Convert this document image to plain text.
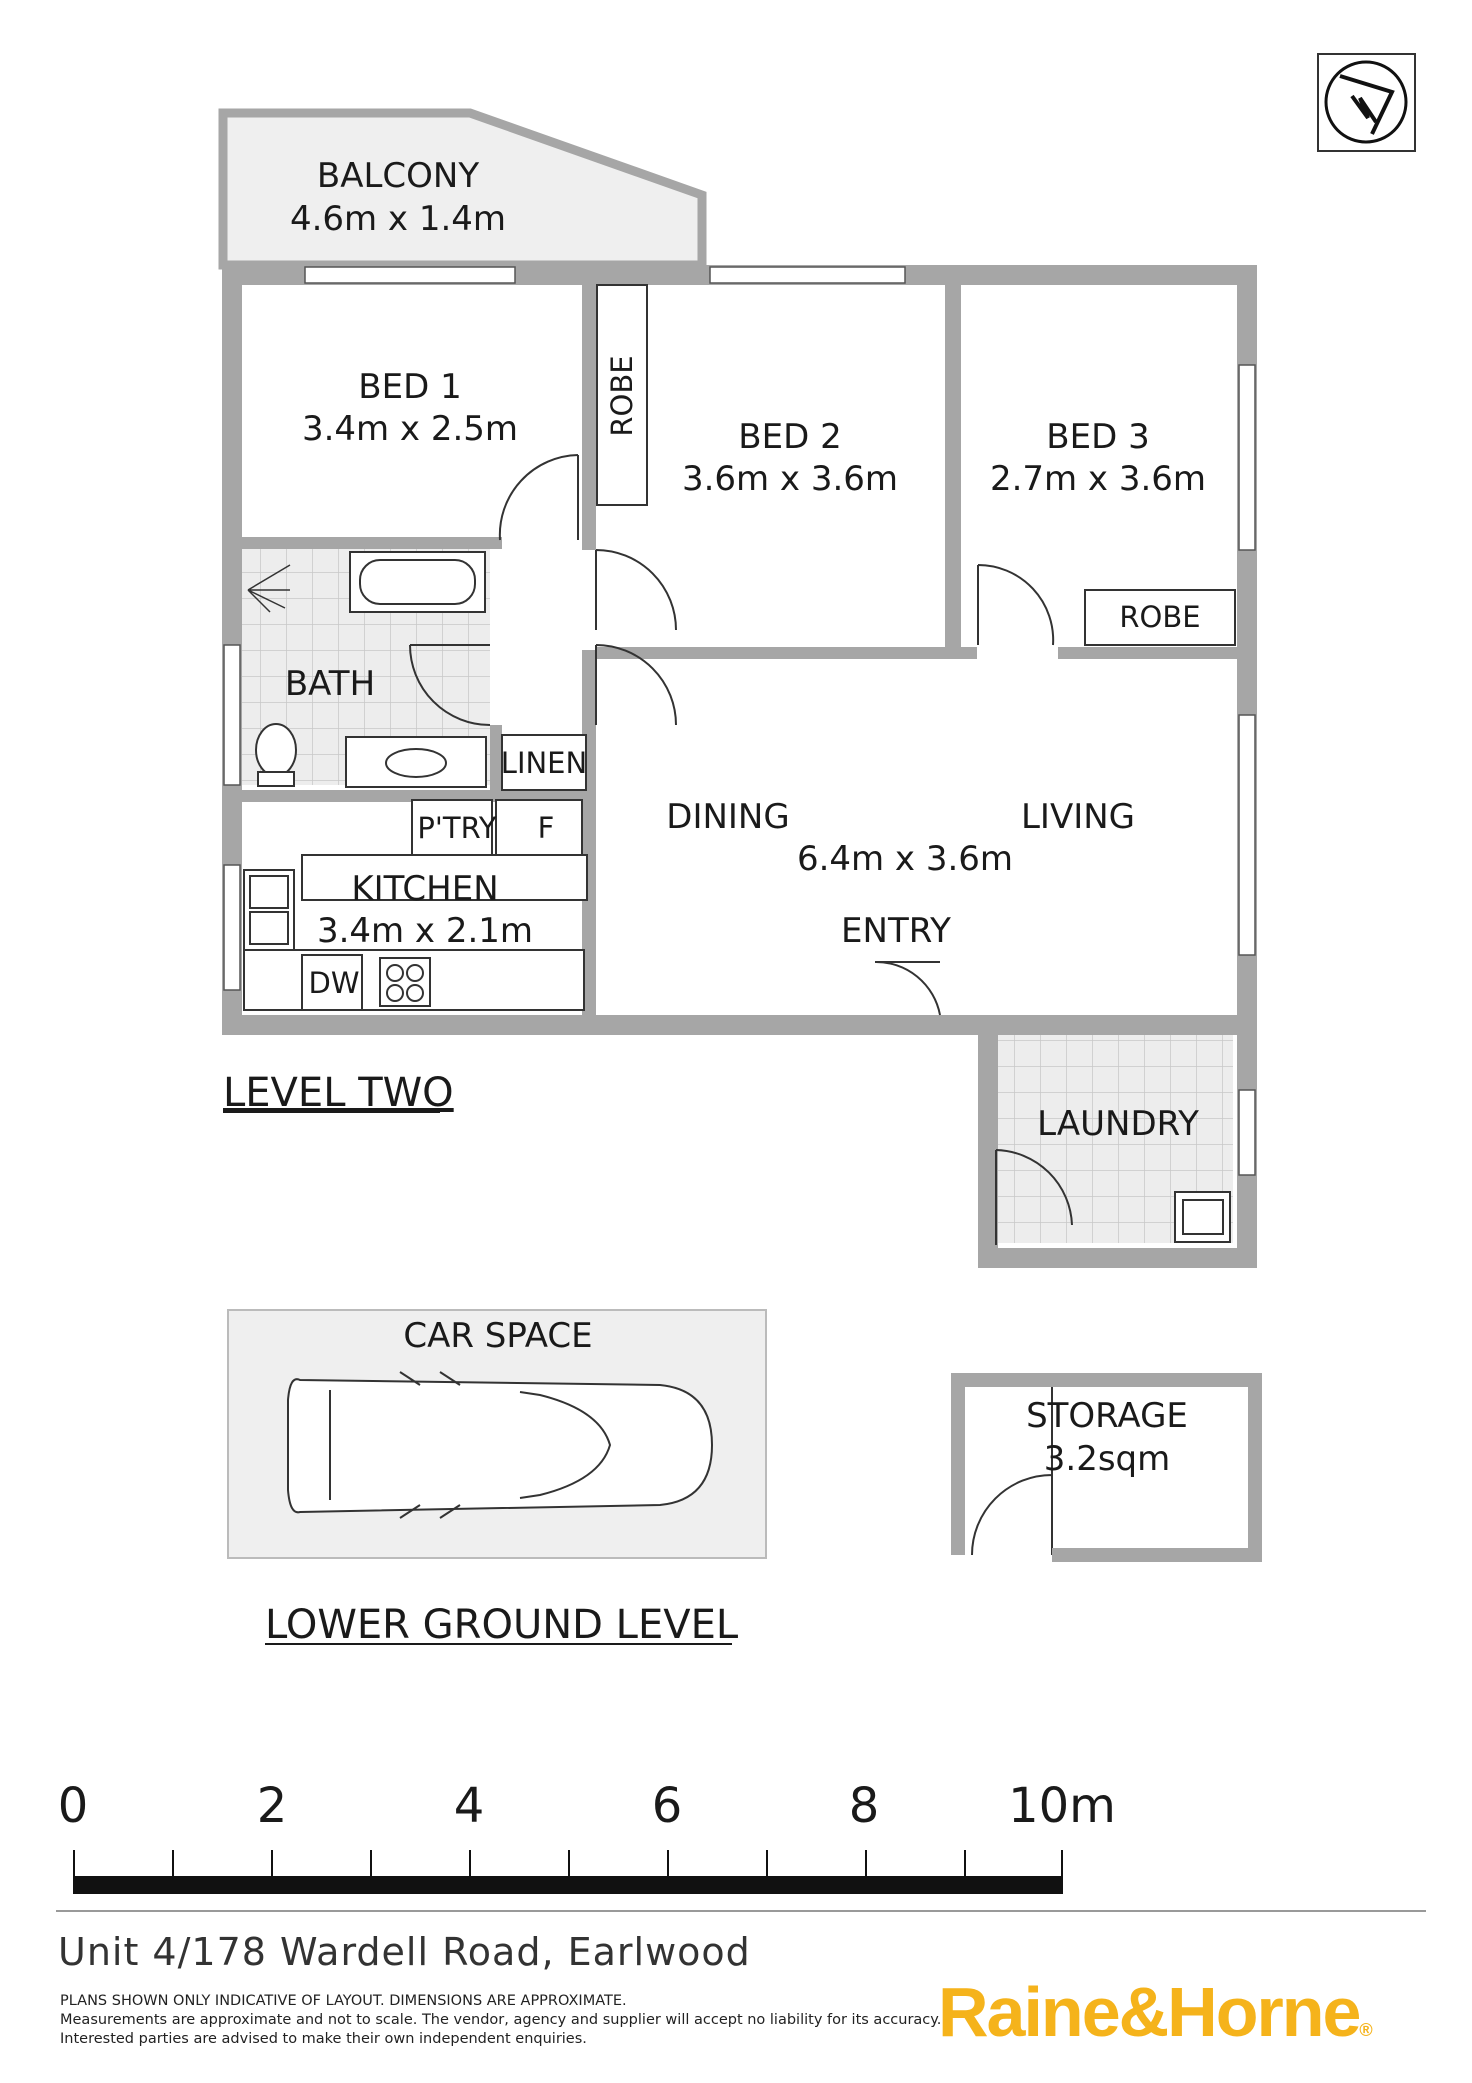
BALCONY
4.6m x 1.4m
BED 1
3.4m x 2.5m	ROBE
BED 2
3.6m x 3.6m
BED 3
2.7m x 3.6m
ROBE
BATH
LINEN
P'TRY F
KITCHEN
3.4m x 2.1m
DW
DINING	LIVING
6.4m x 3.6m
ENTRY
LAUNDRY
CAR SPACE
STORAGE
3.2sqm
LEVEL TWO
LOWER GROUND LEVEL
0	2	4	6	8	10m
Unit 4/178 Wardell Road, Earlwood
PLANS SHOWN ONLY INDICATIVE OF LAYOUT. DIMENSIONS ARE APPROXIMATE.
Measurements are approximate and not to scale. The vendor, agency and supplier will accept no liability for its accuracy.
Interested parties are advised to make their own independent enquiries.	Raine&Horne®
